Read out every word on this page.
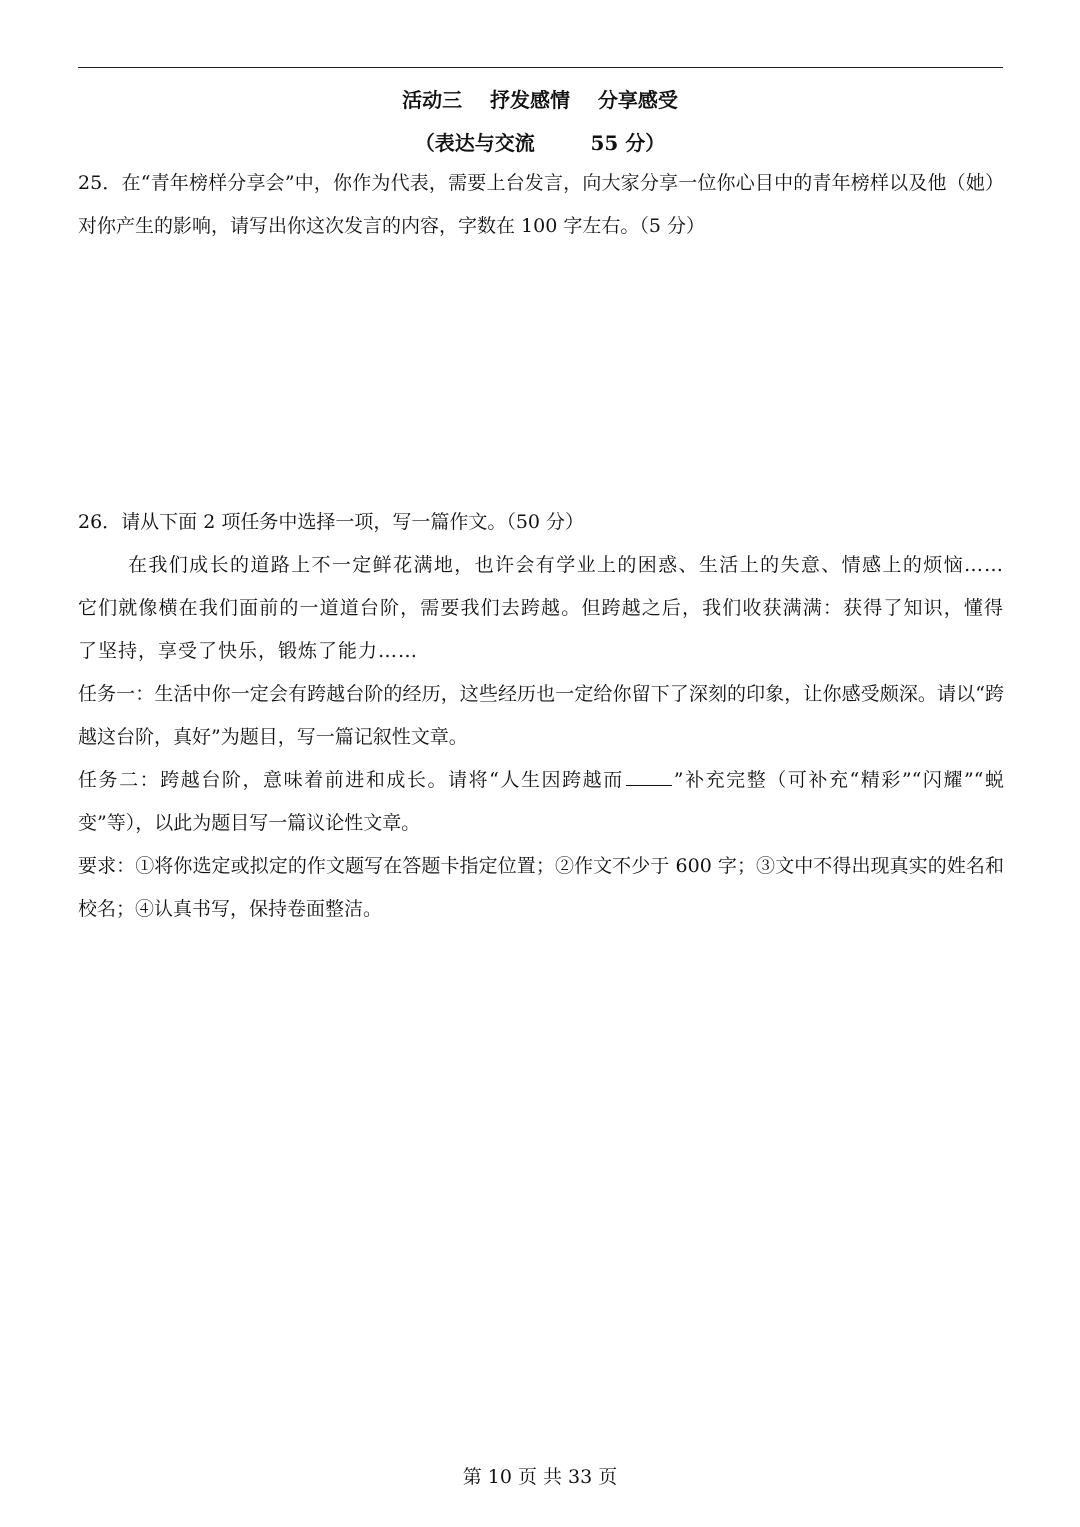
活动三    抒发感情    分享感受
（表达与交流        55 分）
25．在“青年榜样分享会”中，你作为代表，需要上台发言，向大家分享一位你心目中的青年榜样以及他（她）对你产生的影响，请写出你这次发言的内容，字数在 100 字左右。（5 分）
26．请从下面 2 项任务中选择一项，写一篇作文。（50 分）
在我们成长的道路上不一定鲜花满地，也许会有学业上的困惑、生活上的失意、情感上的烦恼……它们就像横在我们面前的一道道台阶，需要我们去跨越。但跨越之后，我们收获满满：获得了知识，懂得了坚持，享受了快乐，锻炼了能力……
任务一：生活中你一定会有跨越台阶的经历，这些经历也一定给你留下了深刻的印象，让你感受颇深。请以“跨越这台阶，真好”为题目，写一篇记叙性文章。
任务二：跨越台阶，意味着前进和成长。请将“人生因跨越而	”补充完整（可补充“精彩”“闪耀”“蜕变”等），以此为题目写一篇议论性文章。
要求：①将你选定或拟定的作文题写在答题卡指定位置；②作文不少于 600 字；③文中不得出现真实的姓名和校名；④认真书写，保持卷面整洁。
第 10 页 共 33 页
